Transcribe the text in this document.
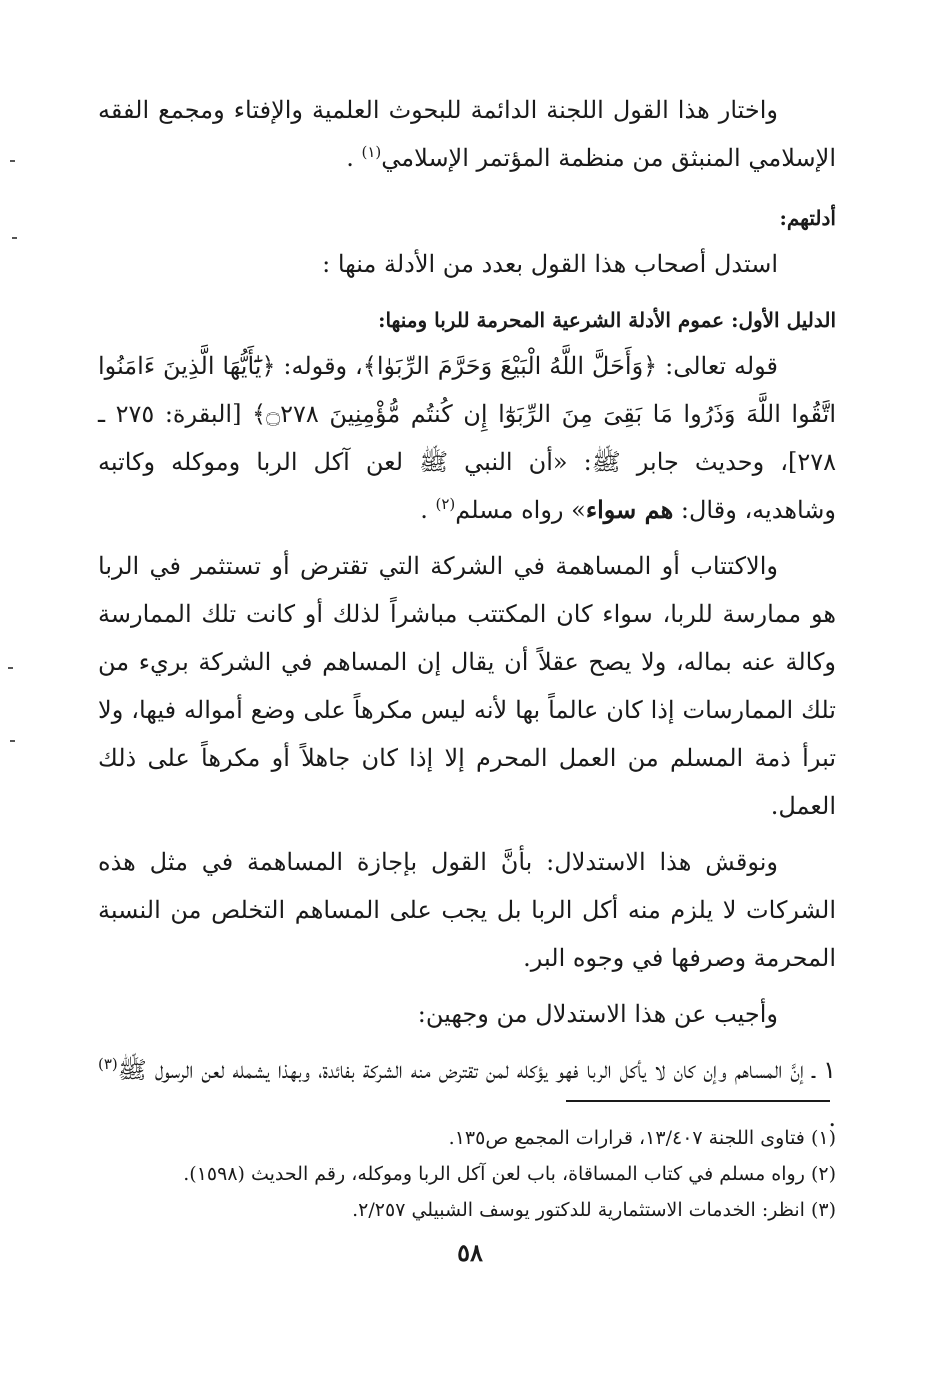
واختار هذا القول اللجنة الدائمة للبحوث العلمية والإفتاء ومجمع الفقه الإسلامي المنبثق من منظمة المؤتمر الإسلامي$^{(١)}$ .

أدلتهم:

استدل أصحاب هذا القول بعدد من الأدلة منها :

الدليل الأول: عموم الأدلة الشرعية المحرمة للربا ومنها:

قوله تعالى: ﴿وَأَحَلَّ اللَّهُ الْبَيْعَ وَحَرَّمَ الرِّبَوٰا﴾، وقوله: ﴿يَٰٓأَيُّهَا الَّذِينَ ءَامَنُوا اتَّقُوا اللَّهَ وَذَرُوا مَا بَقِىَ مِنَ الرِّبَوٰٓا إِن كُنتُم مُّؤْمِنِينَ ۝٢٧٨﴾ [البقرة: ٢٧٥ ـ ٢٧٨]، وحديث جابر ﷺ: «أن النبي ﷺ لعن آكل الربا وموكله وكاتبه وشاهديه، وقال: هم سواء» رواه مسلم$^{(٢)}$ .

والاكتتاب أو المساهمة في الشركة التي تقترض أو تستثمر في الربا هو ممارسة للربا، سواء كان المكتتب مباشراً لذلك أو كانت تلك الممارسة وكالة عنه بماله، ولا يصح عقلاً أن يقال إن المساهم في الشركة بريء من تلك الممارسات إذا كان عالماً بها لأنه ليس مكرهاً على وضع أمواله فيها، ولا تبرأ ذمة المسلم من العمل المحرم إلا إذا كان جاهلاً أو مكرهاً على ذلك العمل.

ونوقش هذا الاستدلال: بأنَّ القول بإجازة المساهمة في مثل هذه الشركات لا يلزم منه أكل الربا بل يجب على المساهم التخلص من النسبة المحرمة وصرفها في وجوه البر.

وأجيب عن هذا الاستدلال من وجهين:

١ ـ إنَّ المساهم وإن كان لا يأكل الربا فهو يؤكله لمن تقترض منه الشركة بفائدة، وبهذا يشمله لعن الرسول ﷺ$^{(٣)}$ .

(١) فتاوى اللجنة ١٣/٤٠٧، قرارات المجمع ص١٣٥.

(٢) رواه مسلم في كتاب المساقاة، باب لعن آكل الربا وموكله، رقم الحديث (١٥٩٨).

(٣) انظر: الخدمات الاستثمارية للدكتور يوسف الشبيلي ٢/٢٥٧.

٥٨
